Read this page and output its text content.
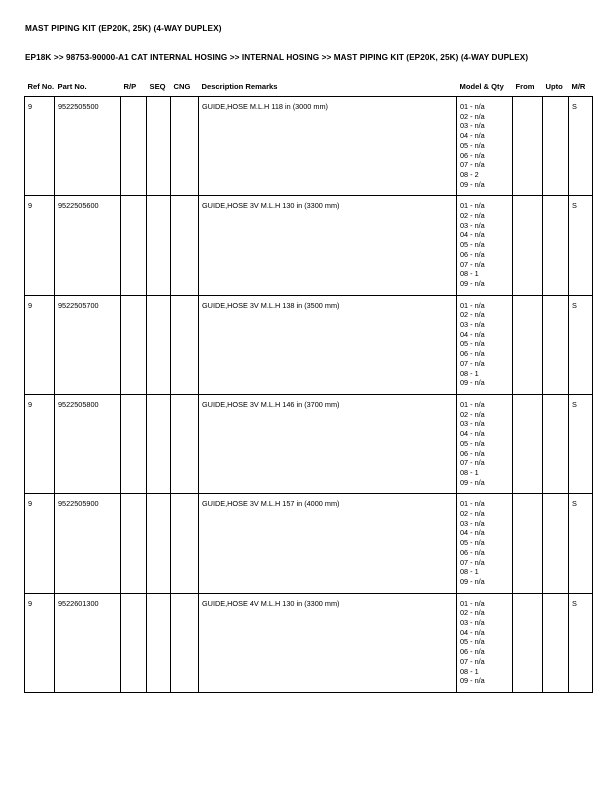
MAST PIPING KIT (EP20K, 25K) (4-WAY DUPLEX)
EP18K >> 98753-90000-A1 CAT INTERNAL HOSING >> INTERNAL HOSING >> MAST PIPING KIT (EP20K, 25K) (4-WAY DUPLEX)
Ref No.	Part No.	R/P	SEQ	CNG	Description Remarks	Model & Qty	From	Upto	M/R
9	9522505500				GUIDE,HOSE M.L.H 118 in (3000 mm)	01 - n/a
02 - n/a
03 - n/a
04 - n/a
05 - n/a
06 - n/a
07 - n/a
08 - 2
09 - n/a
			S
9	9522505600				GUIDE,HOSE 3V M.L.H 130 in (3300 mm)	01 - n/a
02 - n/a
03 - n/a
04 - n/a
05 - n/a
06 - n/a
07 - n/a
08 - 1
09 - n/a
			S
9	9522505700				GUIDE,HOSE 3V M.L.H 138 in (3500 mm)	01 - n/a
02 - n/a
03 - n/a
04 - n/a
05 - n/a
06 - n/a
07 - n/a
08 - 1
09 - n/a
			S
9	9522505800				GUIDE,HOSE 3V M.L.H 146 in (3700 mm)	01 - n/a
02 - n/a
03 - n/a
04 - n/a
05 - n/a
06 - n/a
07 - n/a
08 - 1
09 - n/a
			S
9	9522505900				GUIDE,HOSE 3V M.L.H 157 in (4000 mm)	01 - n/a
02 - n/a
03 - n/a
04 - n/a
05 - n/a
06 - n/a
07 - n/a
08 - 1
09 - n/a
			S
9	9522601300				GUIDE,HOSE 4V M.L.H 130 in (3300 mm)	01 - n/a
02 - n/a
03 - n/a
04 - n/a
05 - n/a
06 - n/a
07 - n/a
08 - 1
09 - n/a
			S
